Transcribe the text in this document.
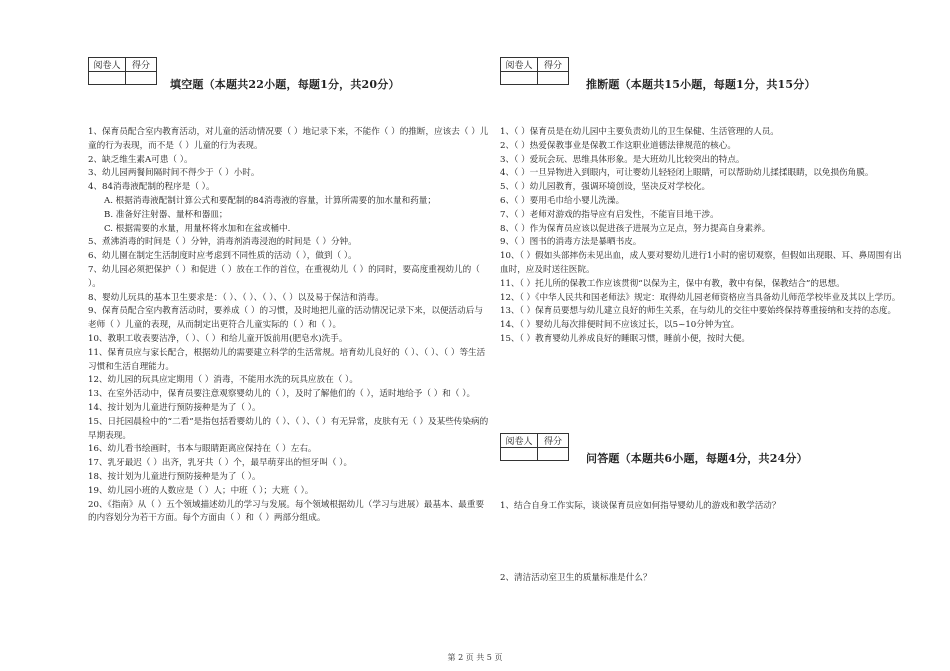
阅卷人	得分

填空题（本题共22小题，每题1分，共20分）

1、保育员配合室内教育活动，对儿童的活动情况要（ ）地记录下来，不能作（ ）的推断，应该去（ ）儿童的行为表现，而不是（ ）儿童的行为表现。

2、缺乏维生素A可患（ ）。

3、幼儿园两餐间隔时间不得少于（ ）小时。

4、84消毒液配制的程序是（ ）。

A. 根据消毒液配制计算公式和要配制的84消毒液的容量，计算所需要的加水量和药量；

B. 准备好注射器、量杯和器皿；

C. 根据需要的水量，用量杯将水加和在盆或桶中.

5、煮沸消毒的时间是（ ）分钟，消毒剂消毒浸泡的时间是（ ）分钟。

6、幼儿園在制定生活制度时应考虑到不同性质的活动（ ），做到（ ）。

7、幼儿园必须把保护（ ）和促进（ ）放在工作的首位，在重视幼儿（ ）的同时，要高度重视幼儿的（ ）。

8、婴幼儿玩具的基本卫生要求是：（ ）、（ ）、（ ）、（ ）以及易于保洁和消毒。

9、保育员配合室内教育活动时，要养成（ ）的习惯，及时地把儿童的活动情况记录下来，以便活动后与老师（ ）儿童的表现，从而制定出更符合儿童实际的（ ）和（ ）。

10、教职工收表要洁净，（ ）、（ ）和给儿童开饭前用(肥皂水)洗手。

11、保育员应与家长配合，根据幼儿的需要建立科学的生活常规。培育幼儿良好的（ ）、（ ）、（ ）等生活习惯和生活自理能力。

12、幼儿园的玩具应定期用（ ）消毒，不能用水洗的玩具应放在（ ）。

13、在室外活动中，保育员要注意观察婴幼儿的（ ），及时了解他们的（ ），适时地给予（ ）和（ ）。

14、按计划为儿童进行预防接种是为了（ ）。

15、日托园晨检中的“二看”是指包括看婴幼儿的（ ）、（ ）、（ ）有无异常，皮肤有无（ ）及某些传染病的早期表现。

16、幼儿看书绘画时，书本与眼睛距离应保持在（ ）左右。

17、乳牙最迟（ ）出齐，乳牙共（ ）个，最早萌芽出的恒牙叫（ ）。

18、按计划为儿童进行预防接种是为了（ ）。

19、幼儿园小班的人数应是（ ）人；中班（ ）；大班（ ）。

20、《指南》从（ ）五个领域描述幼儿的学习与发展。每个领域根据幼儿（学习与进展）最基本、最重要的内容划分为若干方面。每个方面由（ ）和（ ）两部分组成。

阅卷人	得分

推断题（本题共15小题，每题1分，共15分）

1、（ ）保育员是在幼儿园中主要负责幼儿的卫生保健、生活管理的人员。

2、（ ）热爱保教事业是保教工作这职业道德法律规范的核心。

3、（ ）爱玩会玩、思维具体形象。是大班幼儿比较突出的特点。

4、（ ）一旦异物进入到眼内，可让婴幼儿轻轻闭上眼睛，可以帮助幼儿揉揉眼睛，以免损伤角膜。

5、（ ）幼儿园教育，强调环境创设，坚决反对学校化。

6、（ ）要用毛巾给小婴儿洗澡。

7、（ ）老师对游戏的指导应有启发性，不能盲目地干涉。

8、（ ）作为保育员应该以促进孩子进展为立足点，努力提高自身素养。

9、（ ）图书的消毒方法是暴晒书皮。

10、（ ）假如头部摔伤未见出血，成人要对婴幼儿进行1小时的密切观察，但假如出现眼、耳、鼻周围有出血时，应及时送往医院。

11、（ ）托儿所的保教工作应该贯彻“以保为主，保中有教，教中有保，保教结合”的思想。

12、（ ）《中华人民共和国老师法》规定：取得幼儿园老师资格应当具备幼儿师范学校毕业及其以上学历。

13、（ ）保育员要想与幼儿建立良好的师生关系，在与幼儿的交往中要始终保持尊重接纳和支持的态度。

14、（ ）婴幼儿每次排便时间不应该过长，以5~10分钟为宜。

15、（ ）教育婴幼儿养成良好的睡眠习惯，睡前小便，按时大便。

阅卷人	得分

问答题（本题共6小题，每题4分，共24分）

1、结合自身工作实际，谈谈保育员应如何指导婴幼儿的游戏和教学活动？

2、清洁活动室卫生的质量标准是什么？

第 2 页 共 5 页
